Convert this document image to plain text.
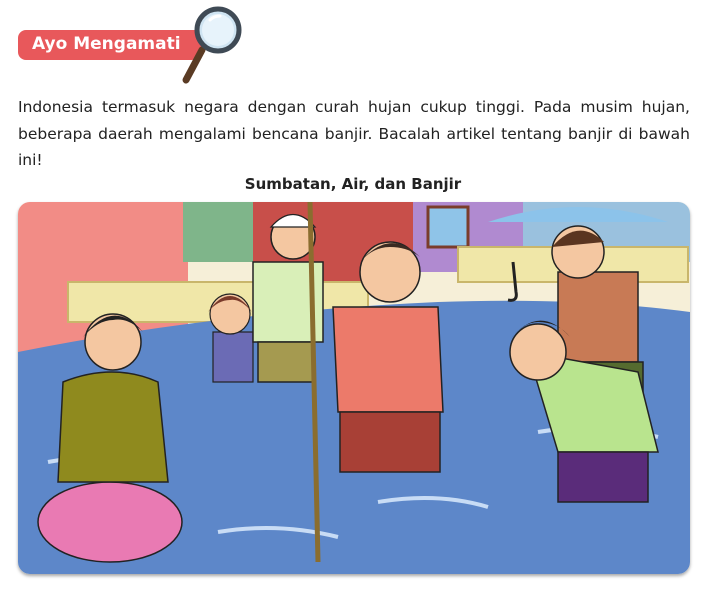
Ayo Mengamati

Indonesia termasuk negara dengan curah hujan cukup tinggi. Pada musim hujan, beberapa daerah mengalami bencana banjir. Bacalah artikel tentang banjir di bawah ini!

Sumbatan, Air, dan Banjir
